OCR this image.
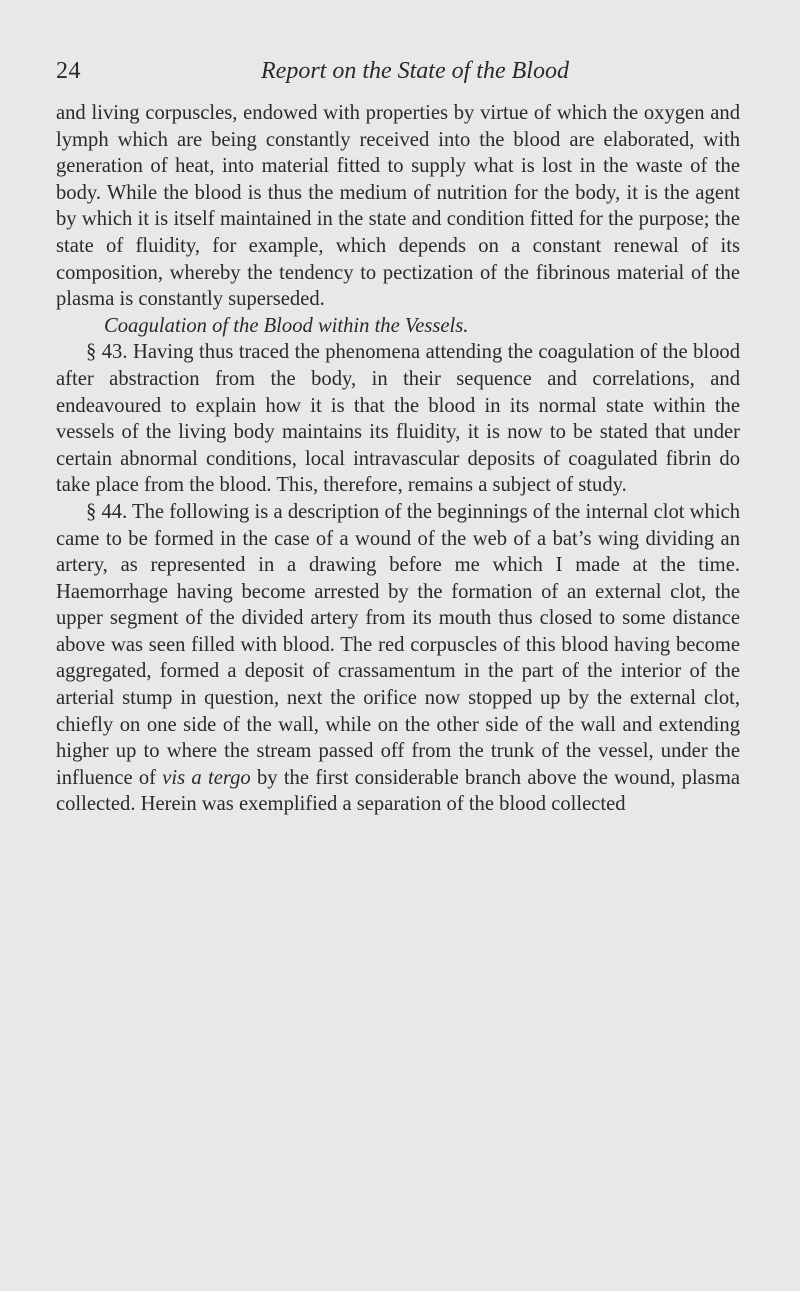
24	Report on the State of the Blood

and living corpuscles, endowed with properties by virtue of which the oxygen and lymph which are being constantly received into the blood are elaborated, with generation of heat, into material fitted to supply what is lost in the waste of the body. While the blood is thus the medium of nutrition for the body, it is the agent by which it is itself maintained in the state and condition fitted for the purpose; the state of fluidity, for example, which depends on a constant renewal of its composition, whereby the tendency to pectization of the fibrinous material of the plasma is constantly superseded.

Coagulation of the Blood within the Vessels.

§ 43. Having thus traced the phenomena attending the coagulation of the blood after abstraction from the body, in their sequence and correlations, and endeavoured to explain how it is that the blood in its normal state within the vessels of the living body maintains its fluidity, it is now to be stated that under certain abnormal conditions, local intravascular deposits of coagulated fibrin do take place from the blood. This, therefore, remains a subject of study.

§ 44. The following is a description of the beginnings of the internal clot which came to be formed in the case of a wound of the web of a bat’s wing dividing an artery, as represented in a drawing before me which I made at the time. Haemorrhage having become arrested by the formation of an external clot, the upper segment of the divided artery from its mouth thus closed to some distance above was seen filled with blood. The red corpuscles of this blood having become aggregated, formed a deposit of crassamentum in the part of the interior of the arterial stump in question, next the orifice now stopped up by the external clot, chiefly on one side of the wall, while on the other side of the wall and extending higher up to where the stream passed off from the trunk of the vessel, under the influence of vis a tergo by the first considerable branch above the wound, plasma collected. Herein was exemplified a separation of the blood collected
